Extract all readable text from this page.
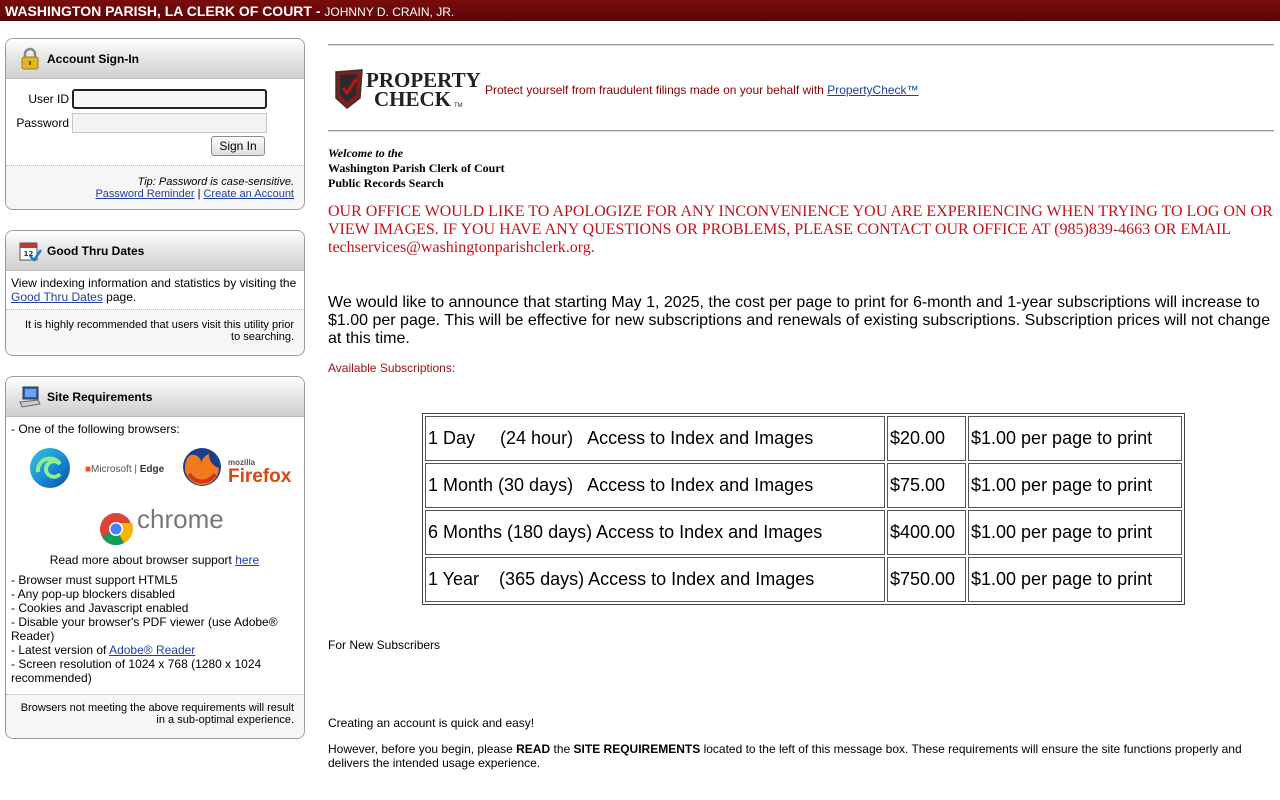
WASHINGTON PARISH, LA CLERK OF COURT - JOHNNY D. CRAIN, JR.
Account Sign-In
User ID
Password
Sign In
Tip: Password is case-sensitive.
Password Reminder | Create an Account
12 Good Thru Dates
View indexing information and statistics by visiting the
Good Thru Dates page.
It is highly recommended that users visit this utility prior to searching.
Site Requirements
- One of the following browsers:
■Microsoft | Edge
mozilla
Firefox
chrome
Read more about browser support here
- Browser must support HTML5
- Any pop-up blockers disabled
- Cookies and Javascript enabled
- Disable your browser's PDF viewer (use Adobe® Reader)
- Latest version of Adobe® Reader
- Screen resolution of 1024 x 768 (1280 x 1024 recommended)
Browsers not meeting the above requirements will result in a sub-optimal experience.
PROPERTY
CHECK TM
Protect yourself from fraudulent filings made on your behalf with PropertyCheck™
Welcome to the
Washington Parish Clerk of Court
Public Records Search
OUR OFFICE WOULD LIKE TO APOLOGIZE FOR ANY INCONVENIENCE YOU ARE EXPERIENCING WHEN TRYING TO LOG ON OR VIEW IMAGES. IF YOU HAVE ANY QUESTIONS OR PROBLEMS, PLEASE CONTACT OUR OFFICE AT (985)839-4663 OR EMAIL techservices@washingtonparishclerk.org.
We would like to announce that starting May 1, 2025, the cost per page to print for 6-month and 1-year subscriptions will increase to $1.00 per page. This will be effective for new subscriptions and renewals of existing subscriptions. Subscription prices will not change at this time.
Available Subscriptions:
1 Day     (24 hour)   Access to Index and Images	$20.00	$1.00 per page to print
1 Month (30 days)   Access to Index and Images	$75.00	$1.00 per page to print
6 Months (180 days) Access to Index and Images	$400.00	$1.00 per page to print
1 Year    (365 days) Access to Index and Images	$750.00	$1.00 per page to print
For New Subscribers
Creating an account is quick and easy!
However, before you begin, please READ the SITE REQUIREMENTS located to the left of this message box. These requirements will ensure the site functions properly and delivers the intended usage experience.
